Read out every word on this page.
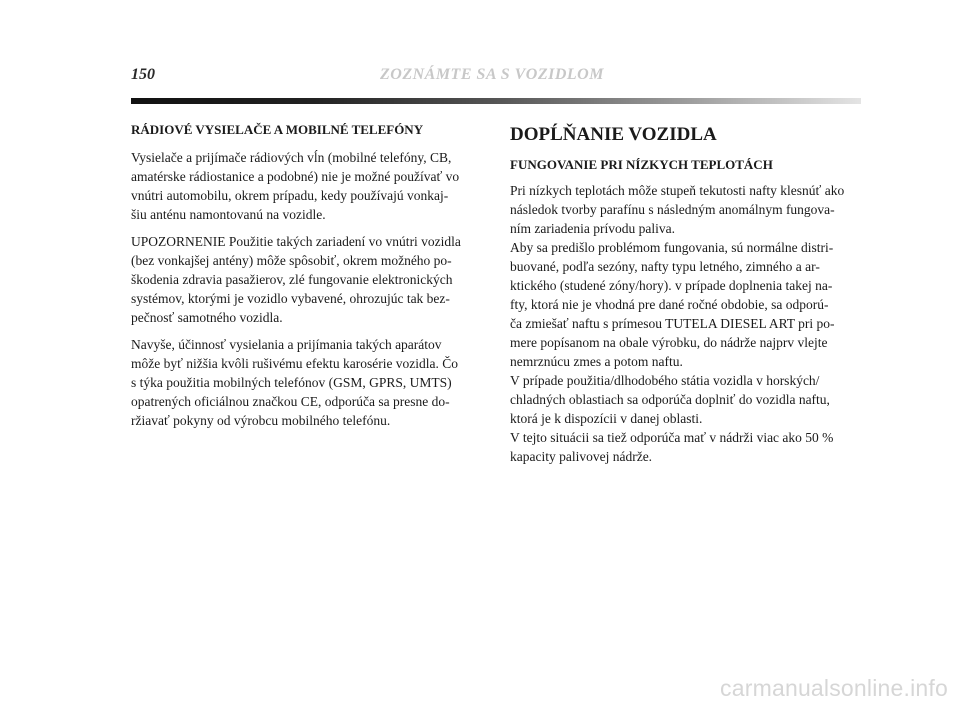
150	ZOZNÁMTE SA S VOZIDLOM
RÁDIOVÉ VYSIELAČE A MOBILNÉ TELEFÓNY

Vysielače a prijímače rádiových vĺn (mobilné telefóny, CB,
amatérske rádiostanice a podobné) nie je možné používať vo
vnútri automobilu, okrem prípadu, kedy používajú vonkaj-
šiu anténu namontovanú na vozidle.

UPOZORNENIE Použitie takých zariadení vo vnútri vozidla
(bez vonkajšej antény) môže spôsobiť, okrem možného po-
škodenia zdravia pasažierov, zlé fungovanie elektronických
systémov, ktorými je vozidlo vybavené, ohrozujúc tak bez-
pečnosť samotného vozidla.

Navyše, účinnosť vysielania a prijímania takých aparátov
môže byť nižšia kvôli rušivému efektu karosérie vozidla. Čo
s týka použitia mobilných telefónov (GSM, GPRS, UMTS)
opatrených oficiálnou značkou CE, odporúča sa presne do-
ržiavať pokyny od výrobcu mobilného telefónu.

DOPĹŇANIE VOZIDLA
FUNGOVANIE PRI NÍZKYCH TEPLOTÁCH

Pri nízkych teplotách môže stupeň tekutosti nafty klesnúť ako
následok tvorby parafínu s následným anomálnym fungova-
ním zariadenia prívodu paliva.
Aby sa predišlo problémom fungovania, sú normálne distri-
buované, podľa sezóny, nafty typu letného, zimného a ar-
ktického (studené zóny/hory). v prípade doplnenia takej na-
fty, ktorá nie je vhodná pre dané ročné obdobie, sa odporú-
ča zmiešať naftu s prímesou TUTELA DIESEL ART pri po-
mere popísanom na obale výrobku, do nádrže najprv vlejte
nemrznúcu zmes a potom naftu.
V prípade použitia/dlhodobého státia vozidla v horských/
chladných oblastiach sa odporúča doplniť do vozidla naftu,
ktorá je k dispozícii v danej oblasti.
V tejto situácii sa tiež odporúča mať v nádrži viac ako 50 %
kapacity palivovej nádrže.

carmanualsonline.info
